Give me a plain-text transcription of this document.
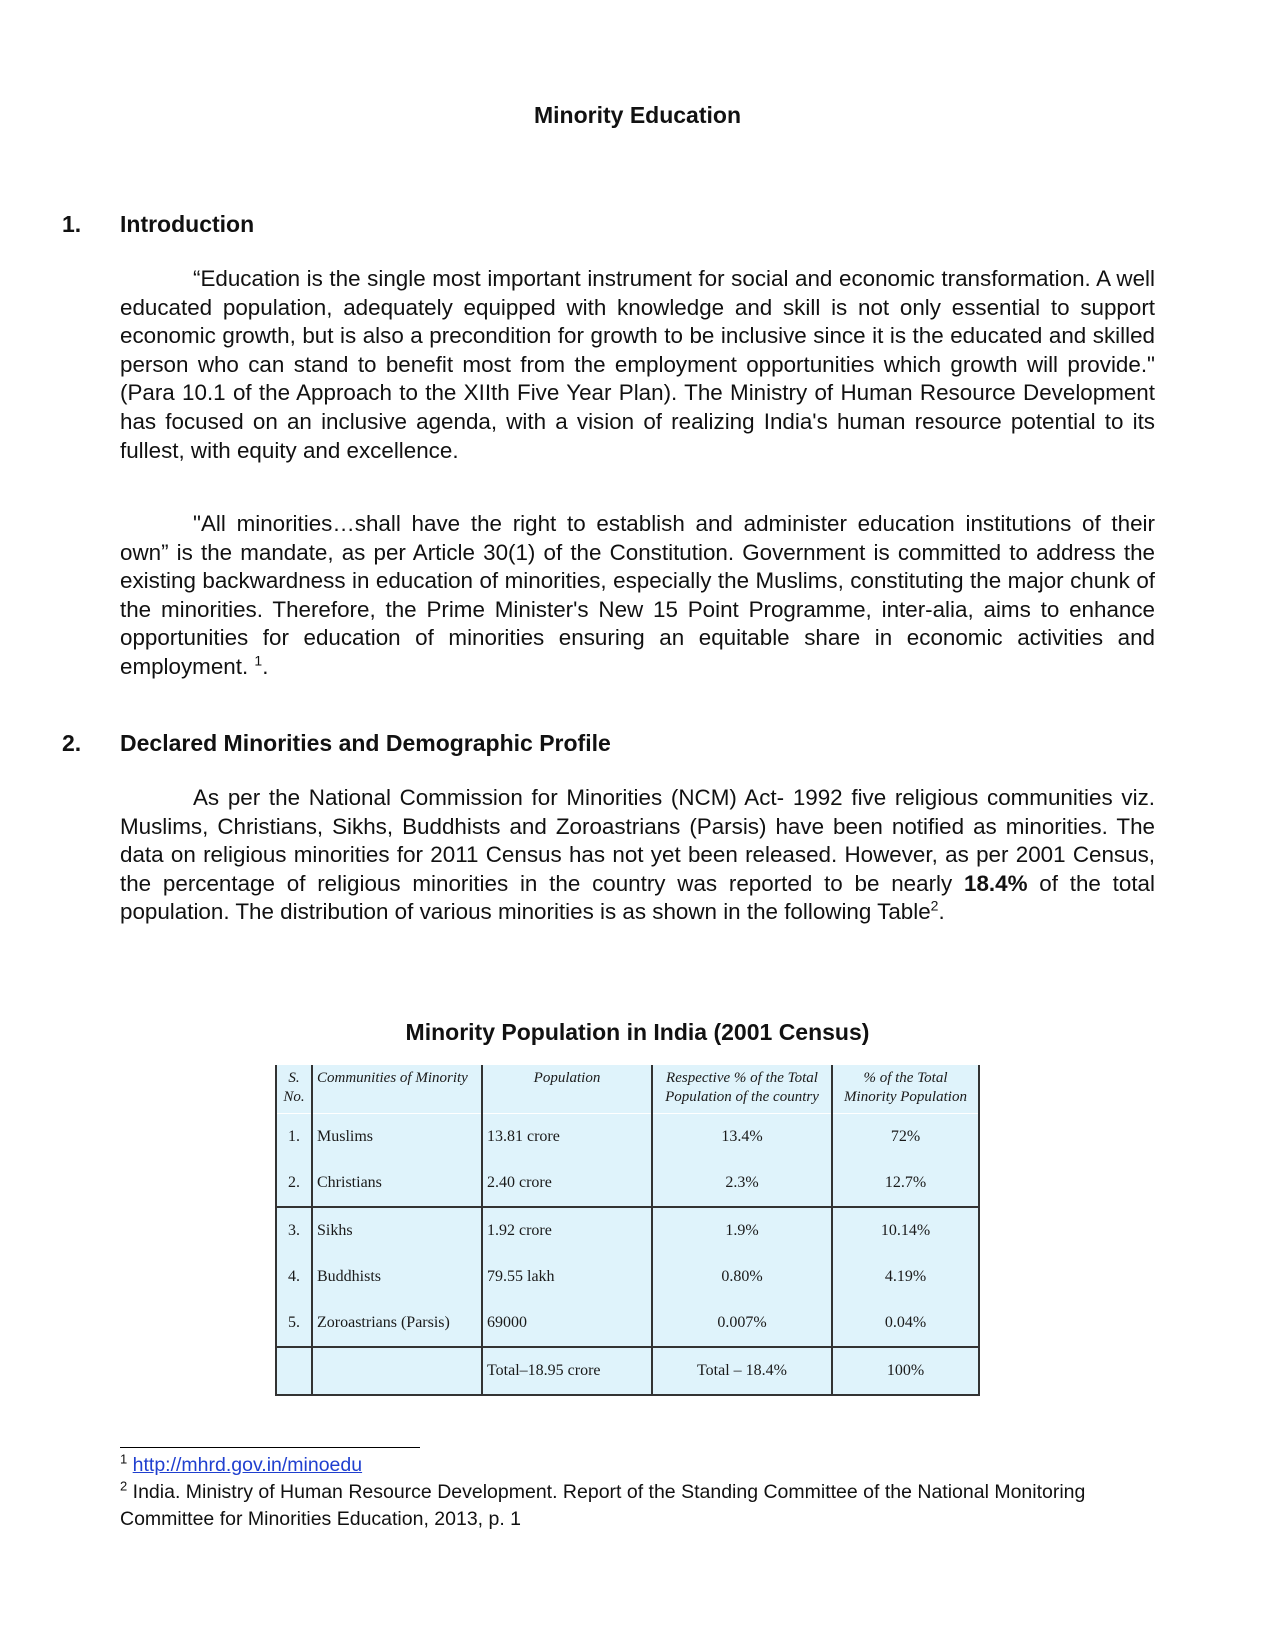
Minority Education
1. Introduction

“Education is the single most important instrument for social and economic transformation. A well educated population, adequately equipped with knowledge and skill is not only essential to support economic growth, but is also a precondition for growth to be inclusive since it is the educated and skilled person who can stand to benefit most from the employment opportunities which growth will provide." (Para 10.1 of the Approach to the XIIth Five Year Plan). The Ministry of Human Resource Development has focused on an inclusive agenda, with a vision of realizing India's human resource potential to its fullest, with equity and excellence.

"All minorities…shall have the right to establish and administer education institutions of their own” is the mandate, as per Article 30(1) of the Constitution. Government is committed to address the existing backwardness in education of minorities, especially the Muslims, constituting the major chunk of the minorities. Therefore, the Prime Minister's New 15 Point Programme, inter-alia, aims to enhance opportunities for education of minorities ensuring an equitable share in economic activities and employment. $^1$.

2. Declared Minorities and Demographic Profile

As per the National Commission for Minorities (NCM) Act- 1992 five religious communities viz. Muslims, Christians, Sikhs, Buddhists and Zoroastrians (Parsis) have been notified as minorities. The data on religious minorities for 2011 Census has not yet been released. However, as per 2001 Census, the percentage of religious minorities in the country was reported to be nearly 18.4% of the total population. The distribution of various minorities is as shown in the following Table$^2$.

Minority Population in India (2001 Census)

S. No.	Communities of Minority	Population	Respective % of the Total Population of the country	% of the Total Minority Population
1.	Muslims	13.81 crore	13.4%	72%
2.	Christians	2.40 crore	2.3%	12.7%
3.	Sikhs	1.92 crore	1.9%	10.14%
4.	Buddhists	79.55 lakh	0.80%	4.19%
5.	Zoroastrians (Parsis)	69000	0.007%	0.04%
		Total–18.95 crore	Total – 18.4%	100%

$^1$ http://mhrd.gov.in/minoedu

$^2$ India. Ministry of Human Resource Development. Report of the Standing Committee of the National Monitoring Committee for Minorities Education, 2013, p. 1
